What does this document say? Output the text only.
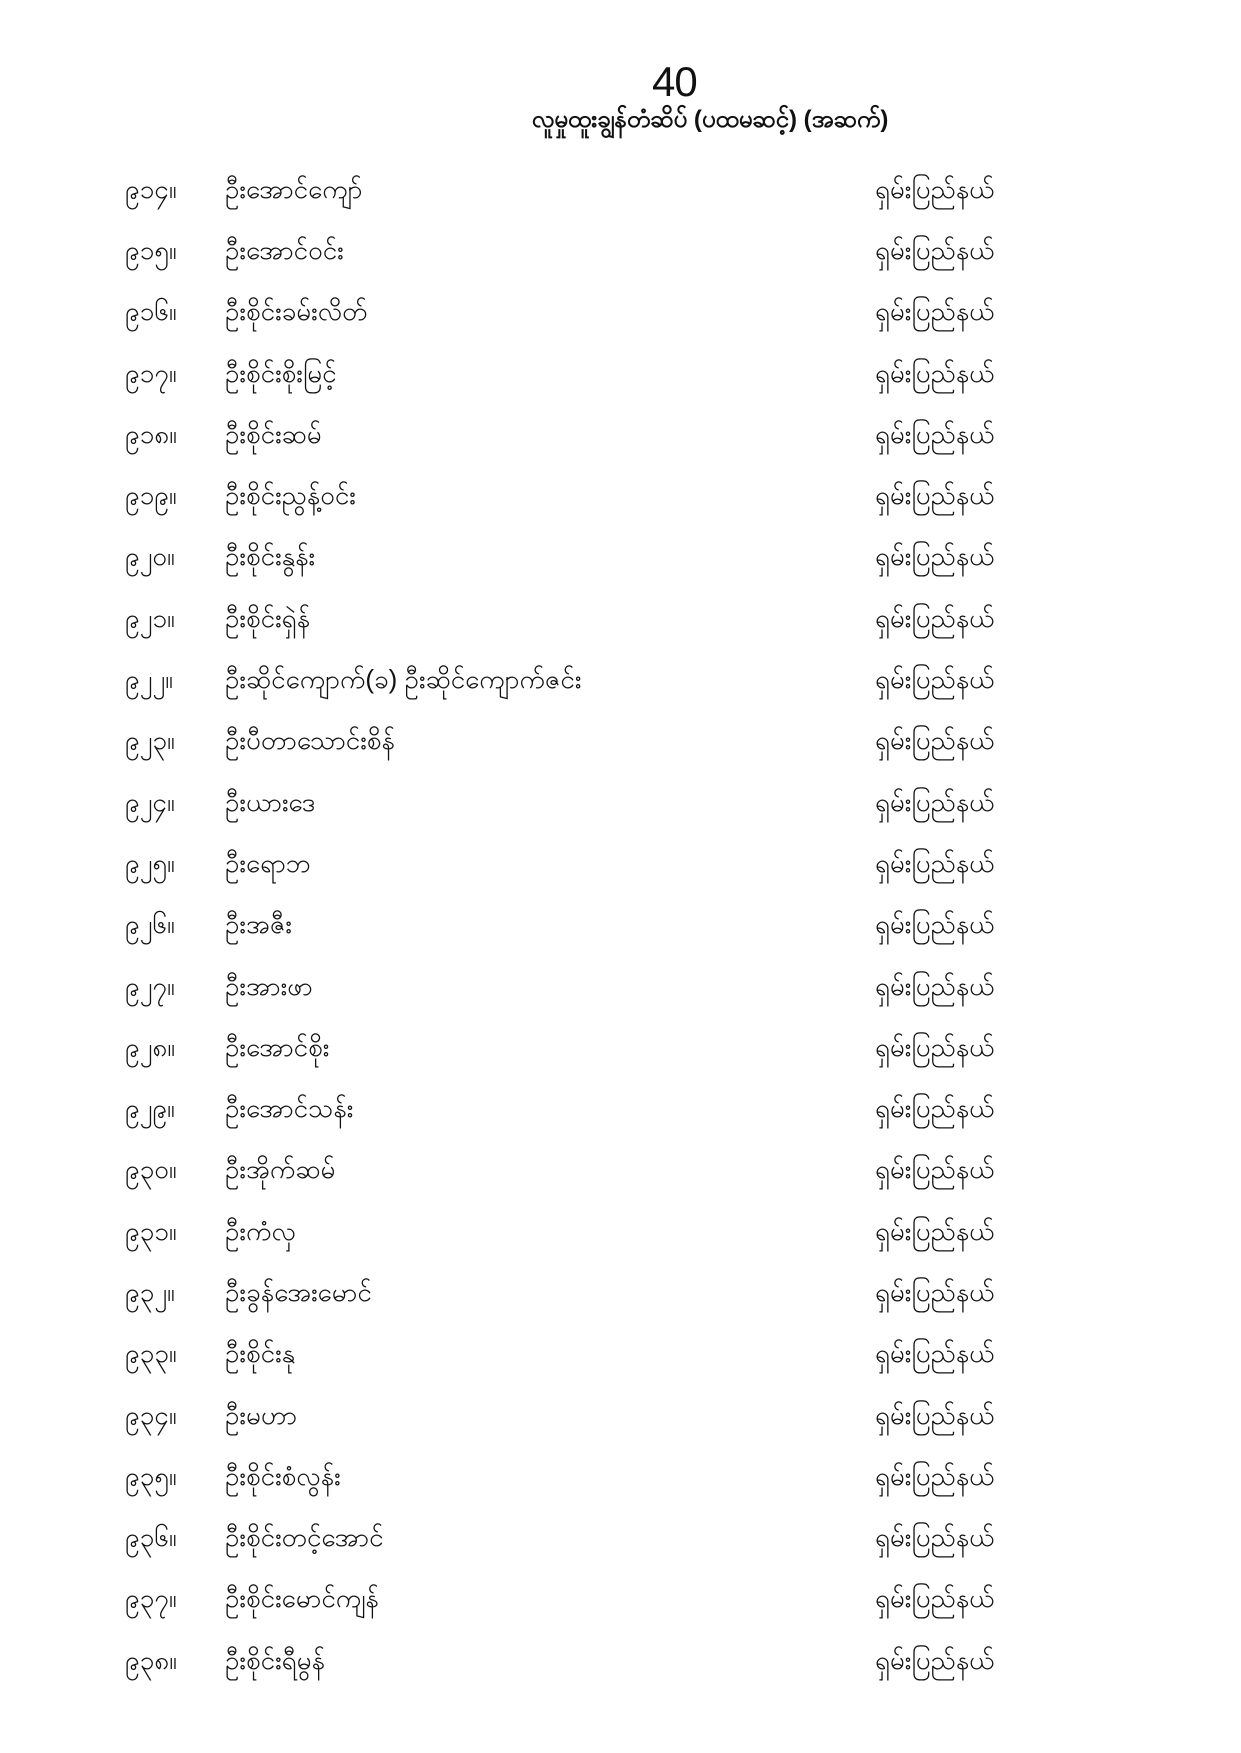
40
လူမှုထူးချွန်တံဆိပ် (ပထမဆင့်) (အဆက်)
၉၁၄။	ဦးအောင်ကျော်	ရှမ်းပြည်နယ်
၉၁၅။	ဦးအောင်ဝင်း	ရှမ်းပြည်နယ်
၉၁၆။	ဦးစိုင်းခမ်းလိတ်	ရှမ်းပြည်နယ်
၉၁၇။	ဦးစိုင်းစိုးမြင့်	ရှမ်းပြည်နယ်
၉၁၈။	ဦးစိုင်းဆမ်	ရှမ်းပြည်နယ်
၉၁၉။	ဦးစိုင်းညွန့်ဝင်း	ရှမ်းပြည်နယ်
၉၂၀။	ဦးစိုင်းနွန်း	ရှမ်းပြည်နယ်
၉၂၁။	ဦးစိုင်းရှဲန်	ရှမ်းပြည်နယ်
၉၂၂။	ဦးဆိုင်ကျောက်(ခ) ဦးဆိုင်ကျောက်ဇင်း	ရှမ်းပြည်နယ်
၉၂၃။	ဦးပီတာသောင်းစိန်	ရှမ်းပြည်နယ်
၉၂၄။	ဦးယားဒေ	ရှမ်းပြည်နယ်
၉၂၅။	ဦးရောဘ	ရှမ်းပြည်နယ်
၉၂၆။	ဦးအဇီး	ရှမ်းပြည်နယ်
၉၂၇။	ဦးအားဖာ	ရှမ်းပြည်နယ်
၉၂၈။	ဦးအောင်စိုး	ရှမ်းပြည်နယ်
၉၂၉။	ဦးအောင်သန်း	ရှမ်းပြည်နယ်
၉၃၀။	ဦးအိုက်ဆမ်	ရှမ်းပြည်နယ်
၉၃၁။	ဦးကံလှ	ရှမ်းပြည်နယ်
၉၃၂။	ဦးခွန်အေးမောင်	ရှမ်းပြည်နယ်
၉၃၃။	ဦးစိုင်းနု	ရှမ်းပြည်နယ်
၉၃၄။	ဦးမဟာ	ရှမ်းပြည်နယ်
၉၃၅။	ဦးစိုင်းစံလွန်း	ရှမ်းပြည်နယ်
၉၃၆။	ဦးစိုင်းတင့်အောင်	ရှမ်းပြည်နယ်
၉၃၇။	ဦးစိုင်းမောင်ကျန်	ရှမ်းပြည်နယ်
၉၃၈။	ဦးစိုင်းရီမွန်	ရှမ်းပြည်နယ်
